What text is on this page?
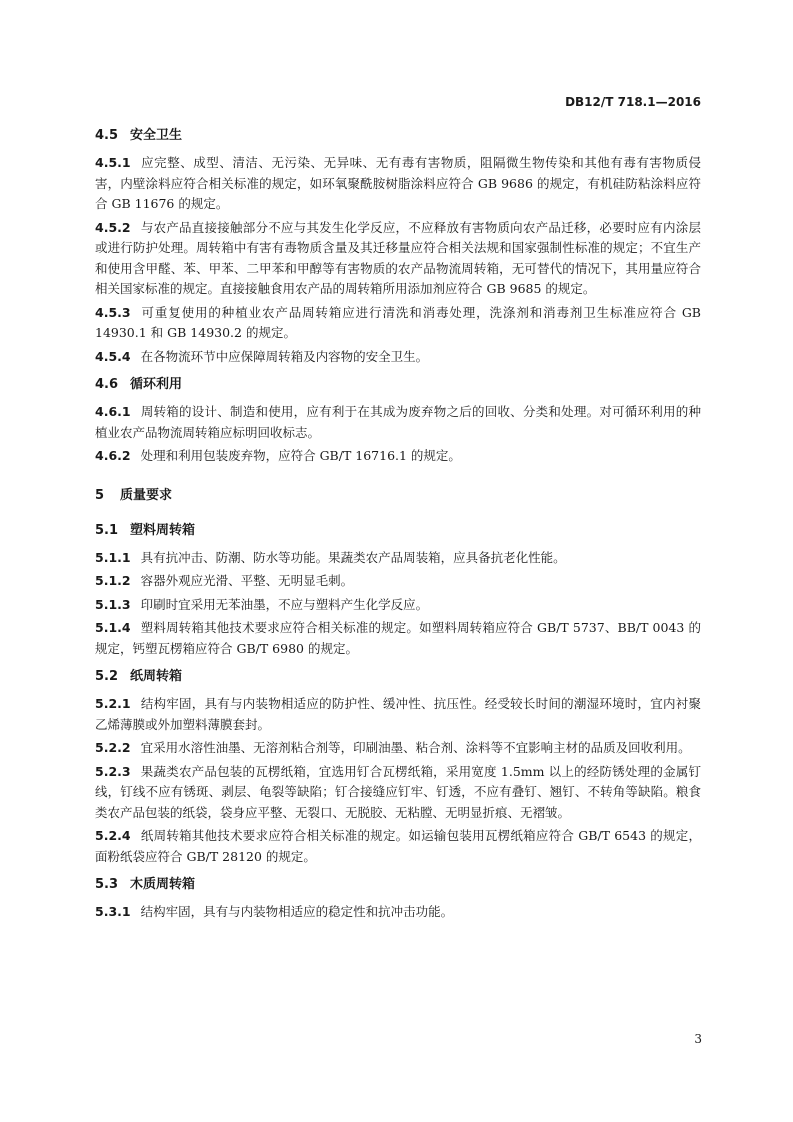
DB12/T 718.1—2016
4.5 安全卫生
4.5.1 应完整、成型、清洁、无污染、无异味、无有毒有害物质，阻隔微生物传染和其他有毒有害物质侵害，内壁涂料应符合相关标准的规定，如环氧聚酰胺树脂涂料应符合 GB 9686 的规定，有机硅防粘涂料应符合 GB 11676 的规定。
4.5.2 与农产品直接接触部分不应与其发生化学反应，不应释放有害物质向农产品迁移，必要时应有内涂层或进行防护处理。周转箱中有害有毒物质含量及其迁移量应符合相关法规和国家强制性标准的规定；不宜生产和使用含甲醛、苯、甲苯、二甲苯和甲醇等有害物质的农产品物流周转箱，无可替代的情况下，其用量应符合相关国家标准的规定。直接接触食用农产品的周转箱所用添加剂应符合 GB 9685 的规定。
4.5.3 可重复使用的种植业农产品周转箱应进行清洗和消毒处理，洗涤剂和消毒剂卫生标准应符合 GB 14930.1 和 GB 14930.2 的规定。
4.5.4 在各物流环节中应保障周转箱及内容物的安全卫生。
4.6 循环利用
4.6.1 周转箱的设计、制造和使用，应有利于在其成为废弃物之后的回收、分类和处理。对可循环利用的种植业农产品物流周转箱应标明回收标志。
4.6.2 处理和利用包装废弃物，应符合 GB/T 16716.1 的规定。
5 质量要求
5.1 塑料周转箱
5.1.1 具有抗冲击、防潮、防水等功能。果蔬类农产品周装箱，应具备抗老化性能。
5.1.2 容器外观应光滑、平整、无明显毛刺。
5.1.3 印刷时宜采用无苯油墨，不应与塑料产生化学反应。
5.1.4 塑料周转箱其他技术要求应符合相关标准的规定。如塑料周转箱应符合 GB/T 5737、BB/T 0043 的规定，钙塑瓦楞箱应符合 GB/T 6980 的规定。
5.2 纸周转箱
5.2.1 结构牢固，具有与内装物相适应的防护性、缓冲性、抗压性。经受较长时间的潮湿环境时，宜内衬聚乙烯薄膜或外加塑料薄膜套封。
5.2.2 宜采用水溶性油墨、无溶剂粘合剂等，印刷油墨、粘合剂、涂料等不宜影响主材的品质及回收利用。
5.2.3 果蔬类农产品包装的瓦楞纸箱，宜选用钉合瓦楞纸箱，采用宽度 1.5mm 以上的经防锈处理的金属钉线，钉线不应有锈斑、剥层、龟裂等缺陷；钉合接缝应钉牢、钉透，不应有叠钉、翘钉、不转角等缺陷。粮食类农产品包装的纸袋，袋身应平整、无裂口、无脱胶、无粘膛、无明显折痕、无褶皱。
5.2.4 纸周转箱其他技术要求应符合相关标准的规定。如运输包装用瓦楞纸箱应符合 GB/T 6543 的规定，面粉纸袋应符合 GB/T 28120 的规定。
5.3 木质周转箱
5.3.1 结构牢固，具有与内装物相适应的稳定性和抗冲击功能。
3
